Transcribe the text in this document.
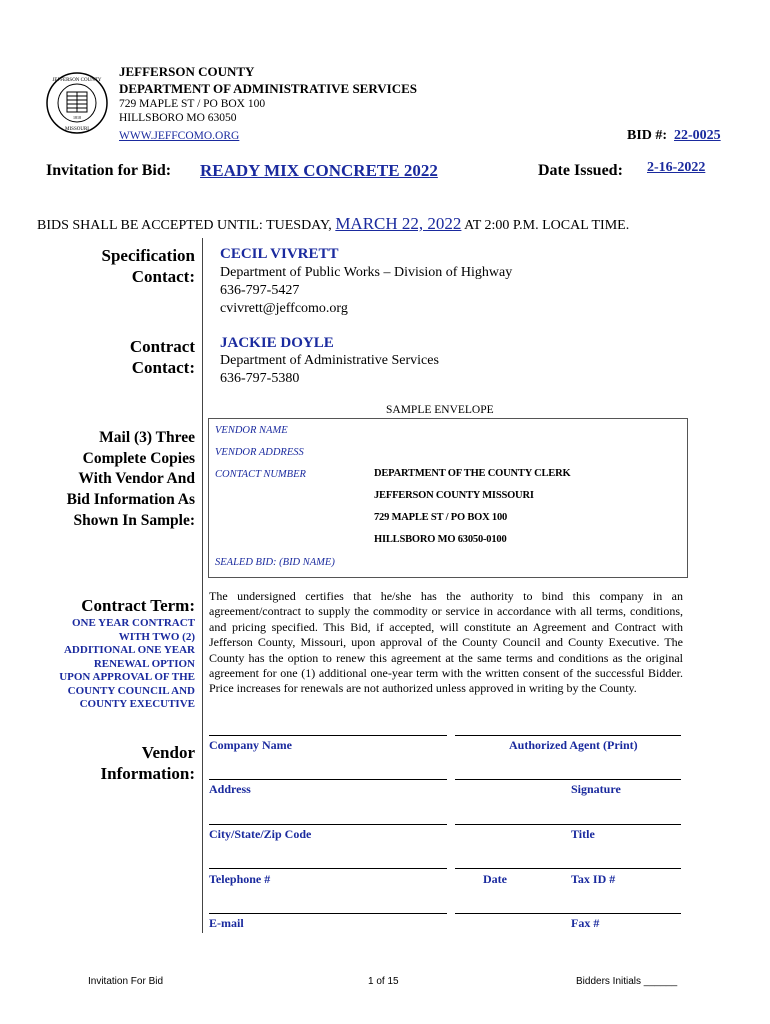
JEFFERSON COUNTY
MISSOURI
1818
JEFFERSON COUNTY
DEPARTMENT OF ADMINISTRATIVE SERVICES
729 MAPLE ST / PO BOX 100
HILLSBORO MO 63050
WWW.JEFFCOMO.ORG	BID #: 22-0025
Invitation for Bid: READY MIX CONCRETE 2022	Date Issued: 2-16-2022
BIDS SHALL BE ACCEPTED UNTIL: TUESDAY, MARCH 22, 2022 AT 2:00 P.M. LOCAL TIME.
Specification
Contact:
CECIL VIVRETT
Department of Public Works – Division of Highway
636-797-5427
cvivrett@jeffcomo.org
Contract
Contact:
JACKIE DOYLE
Department of Administrative Services
636-797-5380
Mail (3) Three
Complete Copies
With Vendor And
Bid Information As
Shown In Sample:
SAMPLE ENVELOPE
VENDOR NAME
VENDOR ADDRESS
CONTACT NUMBER
SEALED BID: (BID NAME)
DEPARTMENT OF THE COUNTY CLERK
JEFFERSON COUNTY MISSOURI
729 MAPLE ST / PO BOX 100
HILLSBORO MO 63050-0100
Contract Term:
ONE YEAR CONTRACT
WITH TWO (2)
ADDITIONAL ONE YEAR
RENEWAL OPTION
UPON APPROVAL OF THE
COUNTY COUNCIL AND
COUNTY EXECUTIVE
The undersigned certifies that he/she has the authority to bind this company in an agreement/contract to supply the commodity or service in accordance with all terms, conditions, and pricing specified. This Bid, if accepted, will constitute an Agreement and Contract with Jefferson County, Missouri, upon approval of the County Council and County Executive. The County has the option to renew this agreement at the same terms and conditions as the original agreement for one (1) additional one-year term with the written consent of the successful Bidder. Price increases for renewals are not authorized unless approved in writing by the County.
Vendor
Information:
Company Name	Authorized Agent (Print)
Address	Signature
City/State/Zip Code	Title
Telephone #	Date	Tax ID #
E-mail	Fax #
Invitation For Bid	1 of 15	Bidders Initials ______
